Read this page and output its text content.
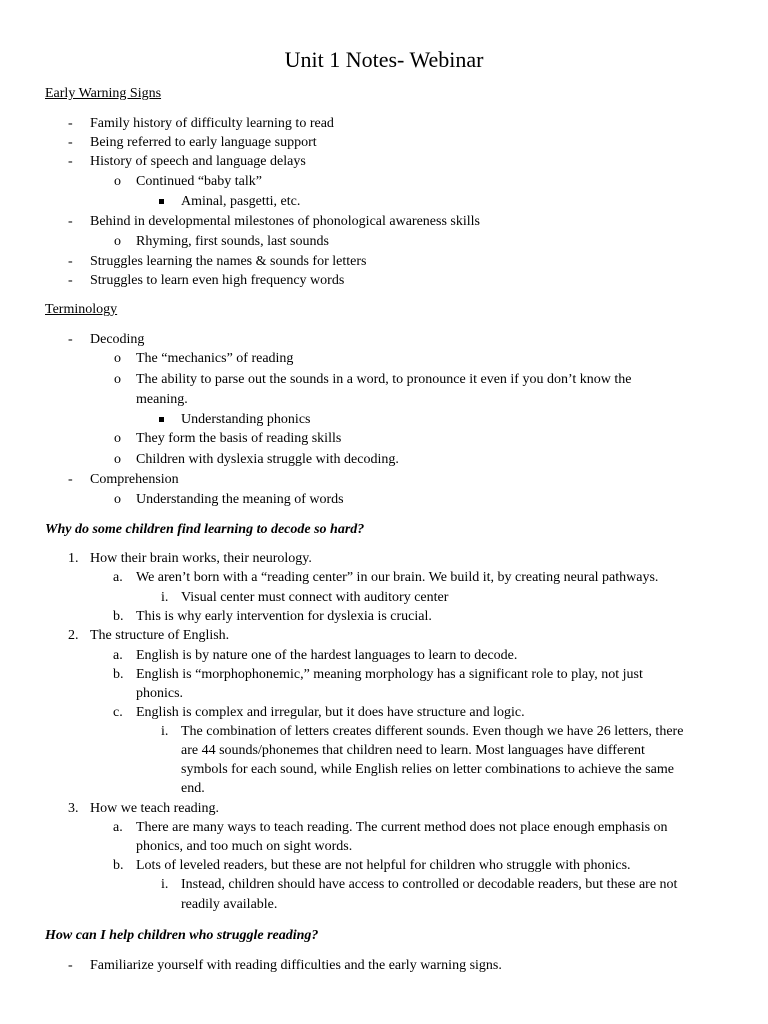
Unit 1 Notes- Webinar
Early Warning Signs
- Family history of difficulty learning to read
- Being referred to early language support
- History of speech and language delays
o Continued “baby talk”
Aminal, pasgetti, etc.
- Behind in developmental milestones of phonological awareness skills
o Rhyming, first sounds, last sounds
- Struggles learning the names & sounds for letters
- Struggles to learn even high frequency words
Terminology
- Decoding
o The “mechanics” of reading
o The ability to parse out the sounds in a word, to pronounce it even if you don’t know the
meaning.
Understanding phonics
o They form the basis of reading skills
o Children with dyslexia struggle with decoding.
- Comprehension
o Understanding the meaning of words
Why do some children find learning to decode so hard?
1. How their brain works, their neurology.
a. We aren’t born with a “reading center” in our brain. We build it, by creating neural pathways.
i. Visual center must connect with auditory center
b. This is why early intervention for dyslexia is crucial.
2. The structure of English.
a. English is by nature one of the hardest languages to learn to decode.
b. English is “morphophonemic,” meaning morphology has a significant role to play, not just
phonics.
c. English is complex and irregular, but it does have structure and logic.
i. The combination of letters creates different sounds. Even though we have 26 letters, there
are 44 sounds/phonemes that children need to learn. Most languages have different
symbols for each sound, while English relies on letter combinations to achieve the same
end.
3. How we teach reading.
a. There are many ways to teach reading. The current method does not place enough emphasis on
phonics, and too much on sight words.
b. Lots of leveled readers, but these are not helpful for children who struggle with phonics.
i. Instead, children should have access to controlled or decodable readers, but these are not
readily available.
How can I help children who struggle reading?
- Familiarize yourself with reading difficulties and the early warning signs.
